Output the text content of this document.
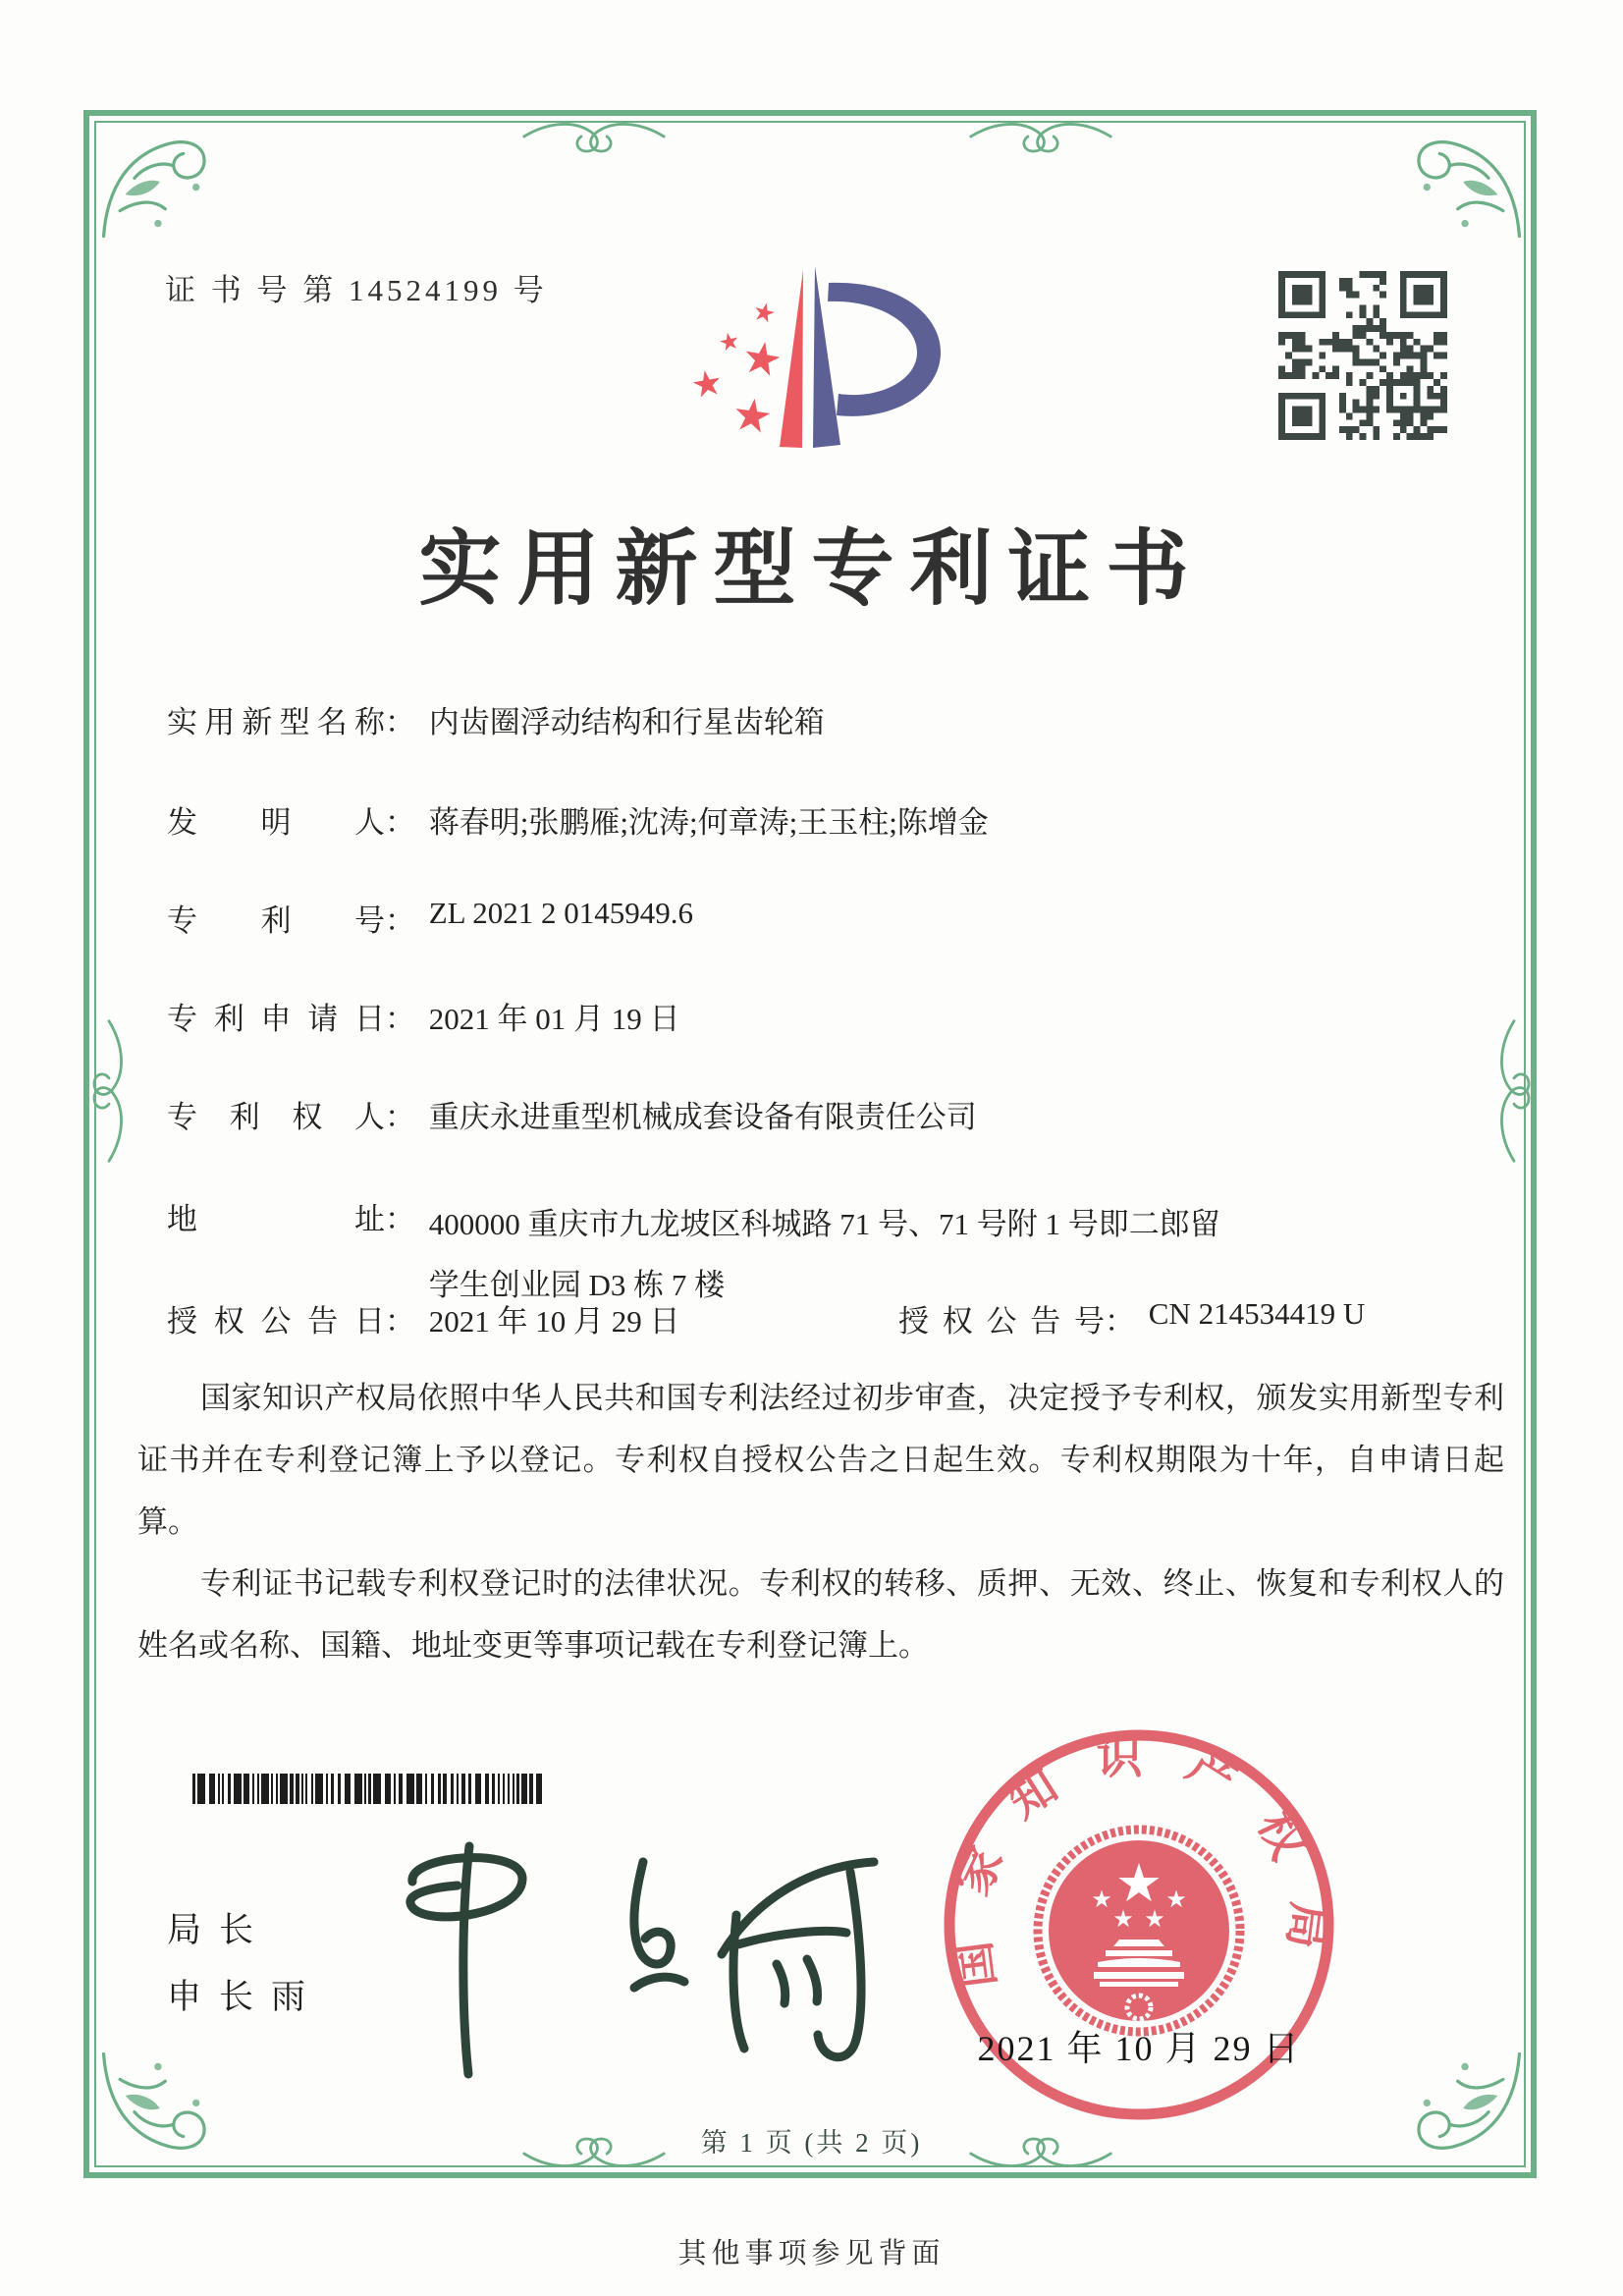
证 书 号 第 14524199 号
★
★
★
★
★
实用新型专利证书
实用新型名称： 内齿圈浮动结构和行星齿轮箱
发明人： 蒋春明;张鹏雁;沈涛;何章涛;王玉柱;陈增金
专利号： ZL 2021 2 0145949.6
专利申请日： 2021 年 01 月 19 日
专利权人： 重庆永进重型机械成套设备有限责任公司
地址： 400000 重庆市九龙坡区科城路 71 号、71 号附 1 号即二郎留
学生创业园 D3 栋 7 楼
授权公告日： 2021 年 10 月 29 日	授权公告号： CN 214534419 U

国家知识产权局依照中华人民共和国专利法经过初步审查，决定授予专利权，颁发实用新型专利证书并在专利登记簿上予以登记。专利权自授权公告之日起生效。专利权期限为十年，自申请日起算。

专利证书记载专利权登记时的法律状况。专利权的转移、质押、无效、终止、恢复和专利权人的姓名或名称、国籍、地址变更等事项记载在专利登记簿上。

局长
申长雨
国家知识产权局
★
★ ★
★ ★
2021 年 10 月 29 日
第 1 页 (共 2 页)
其他事项参见背面
